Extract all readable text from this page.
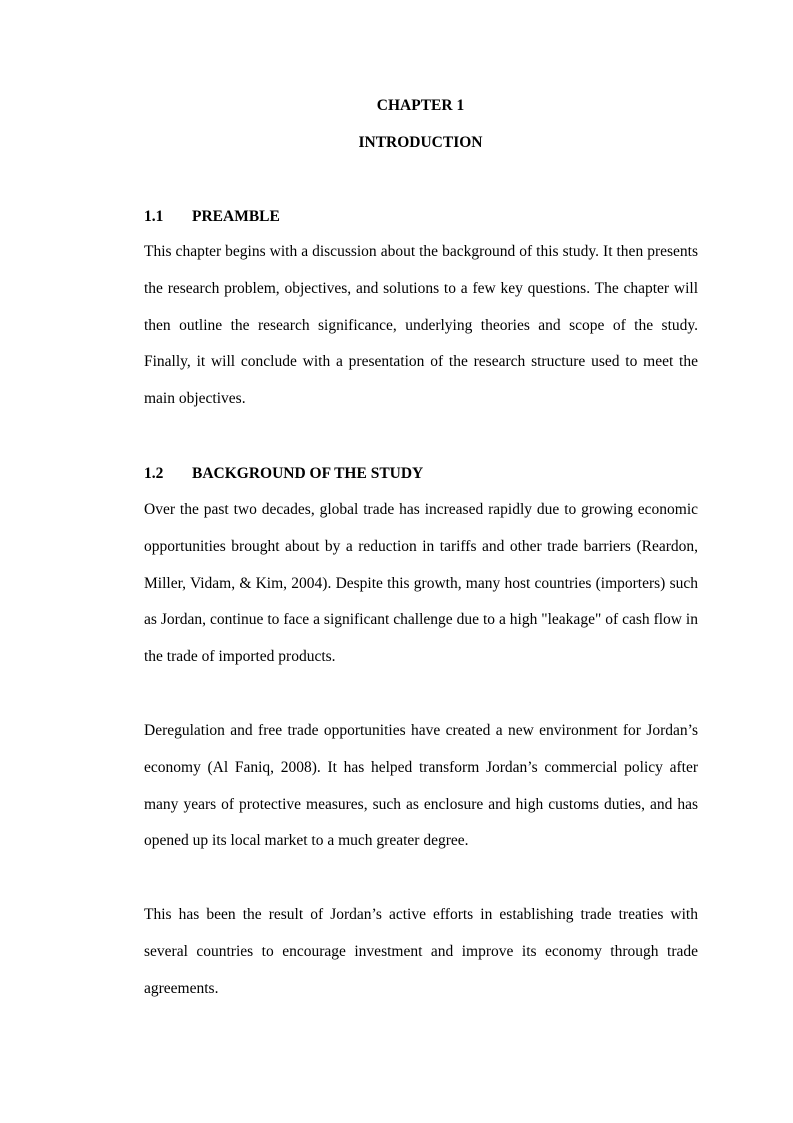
CHAPTER 1
INTRODUCTION
1.1 PREAMBLE

This chapter begins with a discussion about the background of this study. It then presents the research problem, objectives, and solutions to a few key questions. The chapter will then outline the research significance, underlying theories and scope of the study. Finally, it will conclude with a presentation of the research structure used to meet the main objectives.

1.2 BACKGROUND OF THE STUDY

Over the past two decades, global trade has increased rapidly due to growing economic opportunities brought about by a reduction in tariffs and other trade barriers (Reardon, Miller, Vidam, & Kim, 2004). Despite this growth, many host countries (importers) such as Jordan, continue to face a significant challenge due to a high "leakage" of cash flow in the trade of imported products.

Deregulation and free trade opportunities have created a new environment for Jordan’s economy (Al Faniq, 2008). It has helped transform Jordan’s commercial policy after many years of protective measures, such as enclosure and high customs duties, and has opened up its local market to a much greater degree.

This has been the result of Jordan’s active efforts in establishing trade treaties with several countries to encourage investment and improve its economy through trade agreements.
